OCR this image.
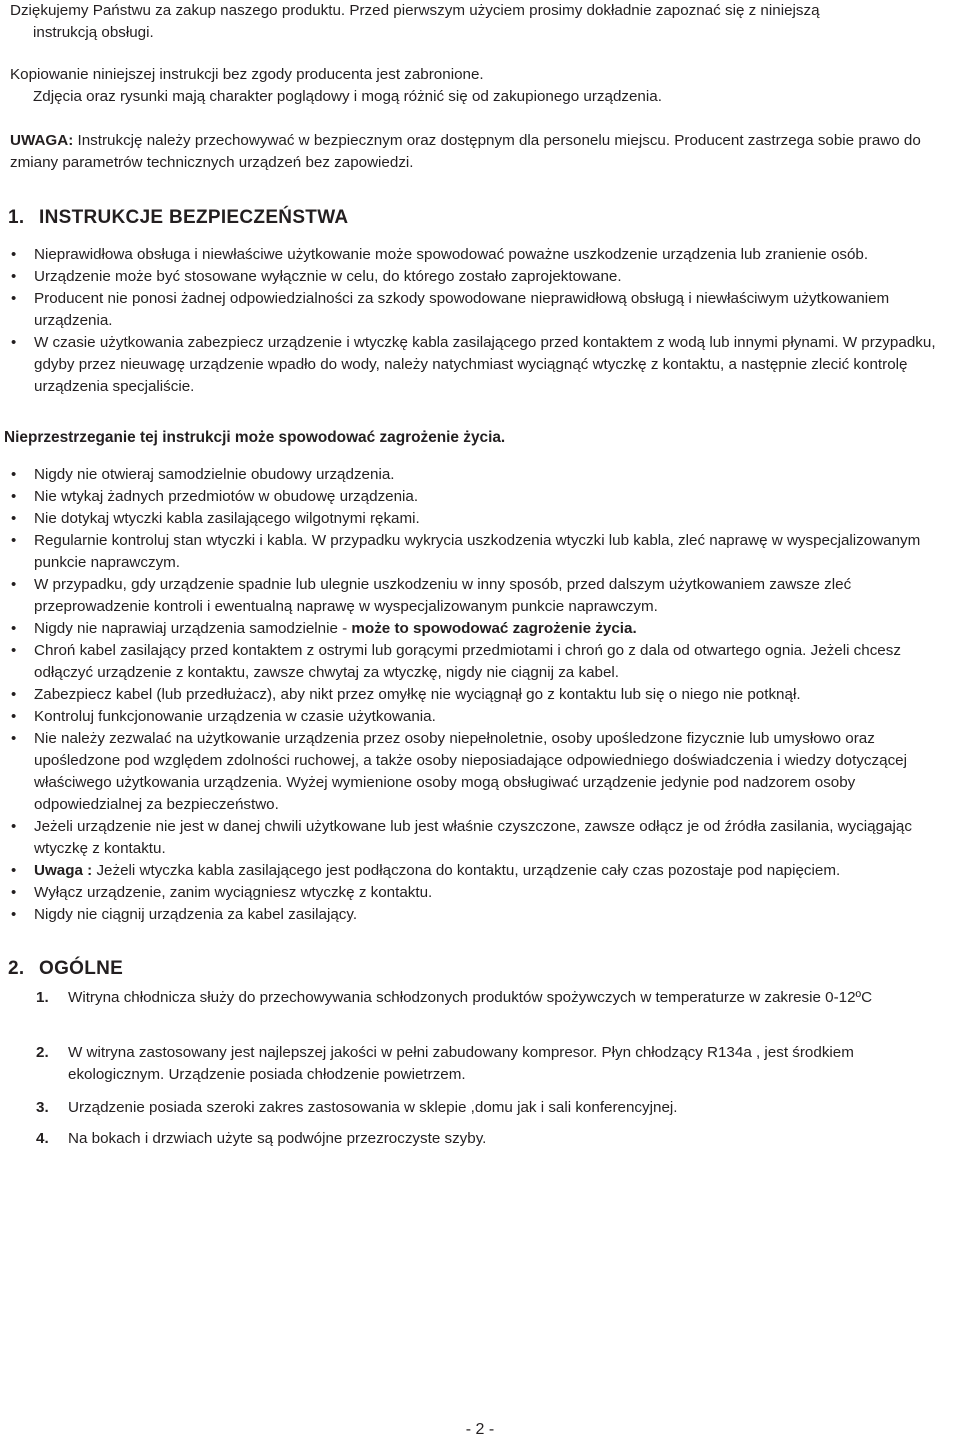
Dziękujemy Państwu za zakup naszego produktu. Przed pierwszym użyciem prosimy dokładnie zapoznać się z niniejszą

instrukcją obsługi.

Kopiowanie niniejszej instrukcji bez zgody producenta jest zabronione.

Zdjęcia oraz rysunki mają charakter poglądowy i mogą różnić się od zakupionego urządzenia.

UWAGA: Instrukcję należy przechowywać w bezpiecznym oraz dostępnym dla personelu miejscu. Producent zastrzega sobie prawo do zmiany parametrów technicznych urządzeń bez zapowiedzi.

1. INSTRUKCJE BEZPIECZEŃSTWA
• Nieprawidłowa obsługa i niewłaściwe użytkowanie może spowodować poważne uszkodzenie urządzenia lub zranienie osób.
• Urządzenie może być stosowane wyłącznie w celu, do którego zostało zaprojektowane.
• Producent nie ponosi żadnej odpowiedzialności za szkody spowodowane nieprawidłową obsługą i niewłaściwym użytkowaniem urządzenia.
• W czasie użytkowania zabezpiecz urządzenie i wtyczkę kabla zasilającego przed kontaktem z wodą lub innymi płynami. W przypadku, gdyby przez nieuwagę urządzenie wpadło do wody, należy natychmiast wyciągnąć wtyczkę z kontaktu, a następnie zlecić kontrolę urządzenia specjaliście.
Nieprzestrzeganie tej instrukcji może spowodować zagrożenie życia.
• Nigdy nie otwieraj samodzielnie obudowy urządzenia.
• Nie wtykaj żadnych przedmiotów w obudowę urządzenia.
• Nie dotykaj wtyczki kabla zasilającego wilgotnymi rękami.
• Regularnie kontroluj stan wtyczki i kabla. W przypadku wykrycia uszkodzenia wtyczki lub kabla, zleć naprawę w wyspecjalizowanym punkcie naprawczym.
• W przypadku, gdy urządzenie spadnie lub ulegnie uszkodzeniu w inny sposób, przed dalszym użytkowaniem zawsze zleć przeprowadzenie kontroli i ewentualną naprawę w wyspecjalizowanym punkcie naprawczym.
• Nigdy nie naprawiaj urządzenia samodzielnie - może to spowodować zagrożenie życia.
• Chroń kabel zasilający przed kontaktem z ostrymi lub gorącymi przedmiotami i chroń go z dala od otwartego ognia. Jeżeli chcesz odłączyć urządzenie z kontaktu, zawsze chwytaj za wtyczkę, nigdy nie ciągnij za kabel.
• Zabezpiecz kabel (lub przedłużacz), aby nikt przez omyłkę nie wyciągnął go z kontaktu lub się o niego nie potknął.
• Kontroluj funkcjonowanie urządzenia w czasie użytkowania.
• Nie należy zezwalać na użytkowanie urządzenia przez osoby niepełnoletnie, osoby upośledzone fizycznie lub umysłowo oraz upośledzone pod względem zdolności ruchowej, a także osoby nieposiadające odpowiedniego doświadczenia i wiedzy dotyczącej właściwego użytkowania urządzenia. Wyżej wymienione osoby mogą obsługiwać urządzenie jedynie pod nadzorem osoby odpowiedzialnej za bezpieczeństwo.
• Jeżeli urządzenie nie jest w danej chwili użytkowane lub jest właśnie czyszczone, zawsze odłącz je od źródła zasilania, wyciągając wtyczkę z kontaktu.
• Uwaga : Jeżeli wtyczka kabla zasilającego jest podłączona do kontaktu, urządzenie cały czas pozostaje pod napięciem.
• Wyłącz urządzenie, zanim wyciągniesz wtyczkę z kontaktu.
• Nigdy nie ciągnij urządzenia za kabel zasilający.
2. OGÓLNE
1. Witryna chłodnicza służy do przechowywania schłodzonych produktów spożywczych w temperaturze w zakresie 0-12ºC
2. W witryna zastosowany jest najlepszej jakości w pełni zabudowany kompresor. Płyn chłodzący R134a , jest środkiem ekologicznym. Urządzenie posiada chłodzenie powietrzem.
3. Urządzenie posiada szeroki zakres zastosowania w sklepie ,domu jak i sali konferencyjnej.
4. Na bokach i drzwiach użyte są podwójne przezroczyste szyby.
- 2 -
